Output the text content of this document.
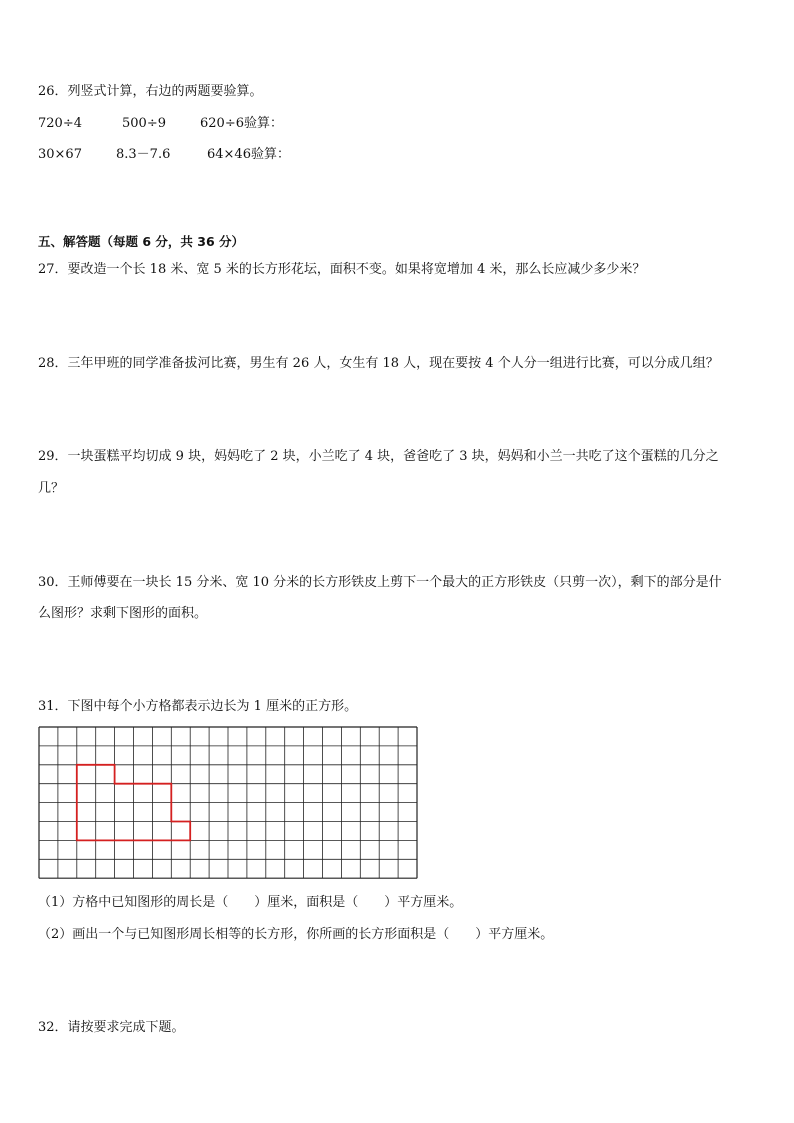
26．列竖式计算，右边的两题要验算。
720÷4	500÷9	620÷6验算：
30×67	8.3－7.6	64×46验算：
五、解答题（每题 6 分，共 36 分）
27．要改造一个长 18 米、宽 5 米的长方形花坛，面积不变。如果将宽增加 4 米，那么长应减少多少米？
28．三年甲班的同学准备拔河比赛，男生有 26 人，女生有 18 人，现在要按 4 个人分一组进行比赛，可以分成几组？
29．一块蛋糕平均切成 9 块，妈妈吃了 2 块，小兰吃了 4 块，爸爸吃了 3 块，妈妈和小兰一共吃了这个蛋糕的几分之
几？
30．王师傅要在一块长 15 分米、宽 10 分米的长方形铁皮上剪下一个最大的正方形铁皮（只剪一次），剩下的部分是什
么图形？求剩下图形的面积。
31．下图中每个小方格都表示边长为 1 厘米的正方形。
（1）方格中已知图形的周长是（　　）厘米，面积是（　　）平方厘米。
（2）画出一个与已知图形周长相等的长方形，你所画的长方形面积是（　　）平方厘米。
32．请按要求完成下题。
